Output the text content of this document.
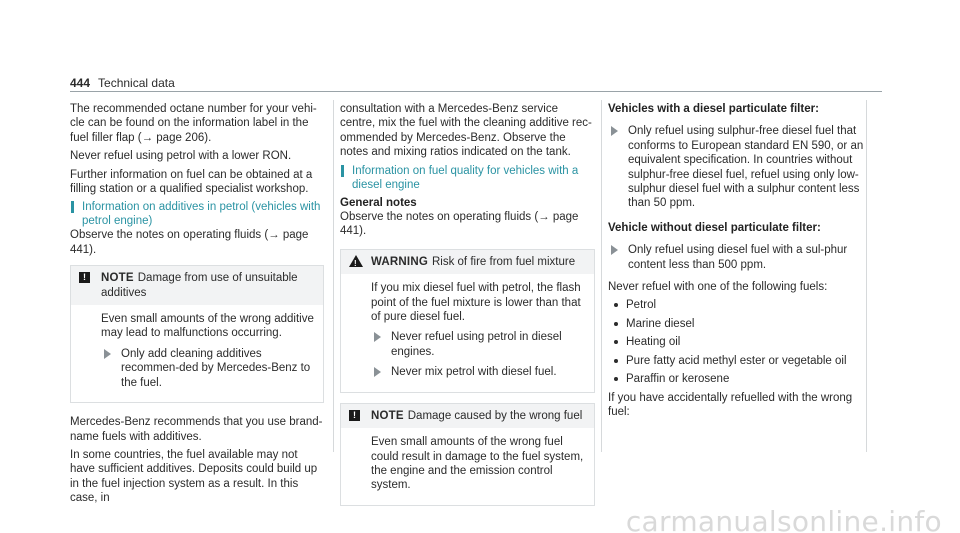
444 Technical data

The recommended octane number for your vehi-cle can be found on the information label in the fuel filler flap (→ page 206).

Never refuel using petrol with a lower RON.

Further information on fuel can be obtained at a filling station or a qualified specialist workshop.

Information on additives in petrol (vehicles with petrol engine)

Observe the notes on operating fluids (→ page 441).

!	NOTE Damage from use of unsuitable additives

Even small amounts of the wrong additive may lead to malfunctions occurring.

Only add cleaning additives recommen-ded by Mercedes-Benz to the fuel.

Mercedes-Benz recommends that you use brand-name fuels with additives.

In some countries, the fuel available may not have sufficient additives. Deposits could build up in the fuel injection system as a result. In this case, in

consultation with a Mercedes-Benz service centre, mix the fuel with the cleaning additive rec-ommended by Mercedes-Benz. Observe the notes and mixing ratios indicated on the tank.

Information on fuel quality for vehicles with a diesel engine
General notes

Observe the notes on operating fluids (→ page 441).

! WARNING Risk of fire from fuel mixture

If you mix diesel fuel with petrol, the flash point of the fuel mixture is lower than that of pure diesel fuel.

Never refuel using petrol in diesel engines.
Never mix petrol with diesel fuel.
!	NOTE Damage caused by the wrong fuel

Even small amounts of the wrong fuel could result in damage to the fuel system, the engine and the emission control system.

Vehicles with a diesel particulate filter:
Only refuel using sulphur-free diesel fuel that conforms to European standard EN 590, or an equivalent specification. In countries without sulphur-free diesel fuel, refuel using only low-sulphur diesel fuel with a sulphur content less than 50 ppm.
Vehicle without diesel particulate filter:
Only refuel using diesel fuel with a sul-phur content less than 500 ppm.

Never refuel with one of the following fuels:

Petrol
Marine diesel
Heating oil
Pure fatty acid methyl ester or vegetable oil
Paraffin or kerosene

If you have accidentally refuelled with the wrong fuel:

carmanualsonline.info
